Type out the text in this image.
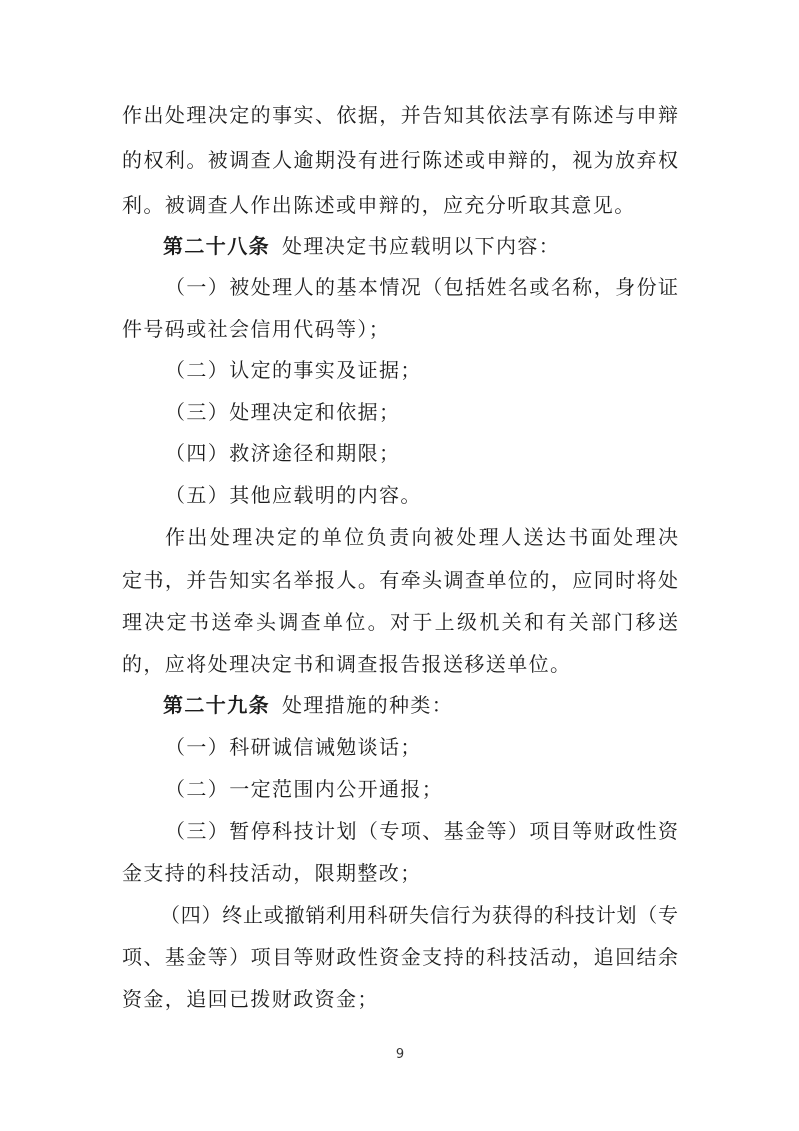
作出处理决定的事实、依据，并告知其依法享有陈述与申辩
的权利。被调查人逾期没有进行陈述或申辩的，视为放弃权
利。被调查人作出陈述或申辩的，应充分听取其意见。
第二十八条 处理决定书应载明以下内容：
（一）被处理人的基本情况（包括姓名或名称，身份证
件号码或社会信用代码等）；
（二）认定的事实及证据；
（三）处理决定和依据；
（四）救济途径和期限；
（五）其他应载明的内容。
作出处理决定的单位负责向被处理人送达书面处理决
定书，并告知实名举报人。有牵头调查单位的，应同时将处
理决定书送牵头调查单位。对于上级机关和有关部门移送
的，应将处理决定书和调查报告报送移送单位。
第二十九条 处理措施的种类：
（一）科研诚信诫勉谈话；
（二）一定范围内公开通报；
（三）暂停科技计划（专项、基金等）项目等财政性资
金支持的科技活动，限期整改；
（四）终止或撤销利用科研失信行为获得的科技计划（专
项、基金等）项目等财政性资金支持的科技活动，追回结余
资金，追回已拨财政资金；
9
